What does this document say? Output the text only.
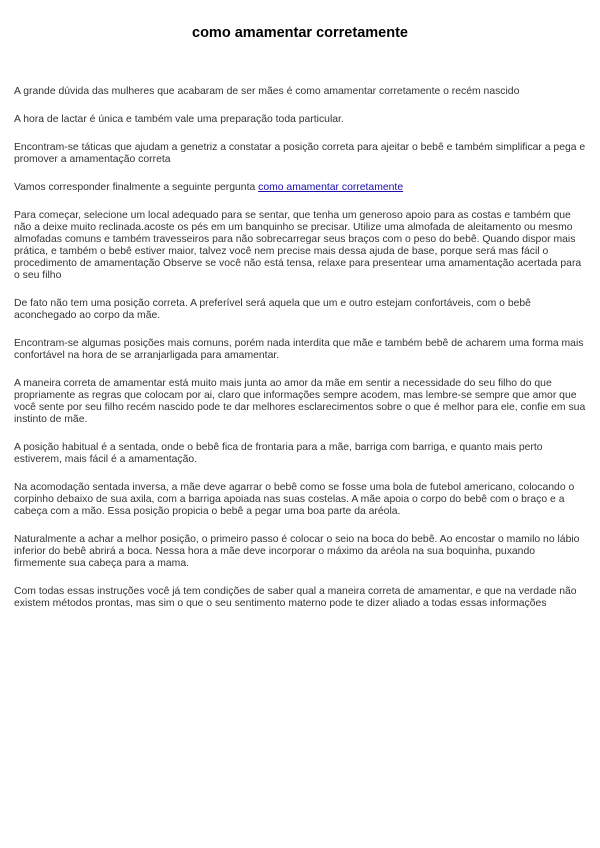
como amamentar corretamente

A grande dúvida das mulheres que acabaram de ser mães é como amamentar corretamente o recém nascido

A hora de lactar é única e também vale uma preparação toda particular.

Encontram-se táticas que ajudam a genetriz a constatar a posição correta para ajeitar o bebê e também simplificar a pega e promover a amamentação correta

Vamos corresponder finalmente a seguinte pergunta como amamentar corretamente

Para começar, selecione um local adequado para se sentar, que tenha um generoso apoio para as costas e também que não a deixe muito reclinada.acoste os pés em um banquinho se precisar. Utilize uma almofada de aleitamento ou mesmo almofadas comuns e também travesseiros para não sobrecarregar seus braços com o peso do bebê. Quando dispor mais prática, e também o bebê estiver maior, talvez você nem precise mais dessa ajuda de base, porque será mas fácil o procedimento de amamentação Observe se você não está tensa, relaxe para presentear uma amamentação acertada para o seu filho

De fato não tem uma posição correta. A preferível será aquela que um e outro estejam confortáveis, com o bebê aconchegado ao corpo da mãe.

Encontram-se algumas posições mais comuns, porém nada interdita que mãe e também bebê de acharem uma forma mais confortável na hora de se arranjarligada para amamentar.

A maneira correta de amamentar está muito mais junta ao amor da mãe em sentir a necessidade do seu filho do que propriamente as regras que colocam por ai, claro que informações sempre acodem, mas lembre-se sempre que amor que você sente por seu filho recém nascido pode te dar melhores esclarecimentos sobre o que é melhor para ele, confie em sua instinto de mãe.

A posição habitual é a sentada, onde o bebê fica de frontaria para a mãe, barriga com barriga, e quanto mais perto estiverem, mais fácil é a amamentação.

Na acomodação sentada inversa, a mãe deve agarrar o bebê como se fosse uma bola de futebol americano, colocando o corpinho debaixo de sua axila, com a barriga apoiada nas suas costelas. A mãe apoia o corpo do bebê com o braço e a cabeça com a mão. Essa posição propicia o bebê a pegar uma boa parte da aréola.

Naturalmente a achar a melhor posição, o primeiro passo é colocar o seio na boca do bebê. Ao encostar o mamilo no lábio inferior do bebê abrirá a boca. Nessa hora a mãe deve incorporar o máximo da aréola na sua boquinha, puxando firmemente sua cabeça para a mama.

Com todas essas instruções você já tem condições de saber qual a maneira correta de amamentar, e que na verdade não existem métodos prontas, mas sim o que o seu sentimento materno pode te dizer aliado a todas essas informações
